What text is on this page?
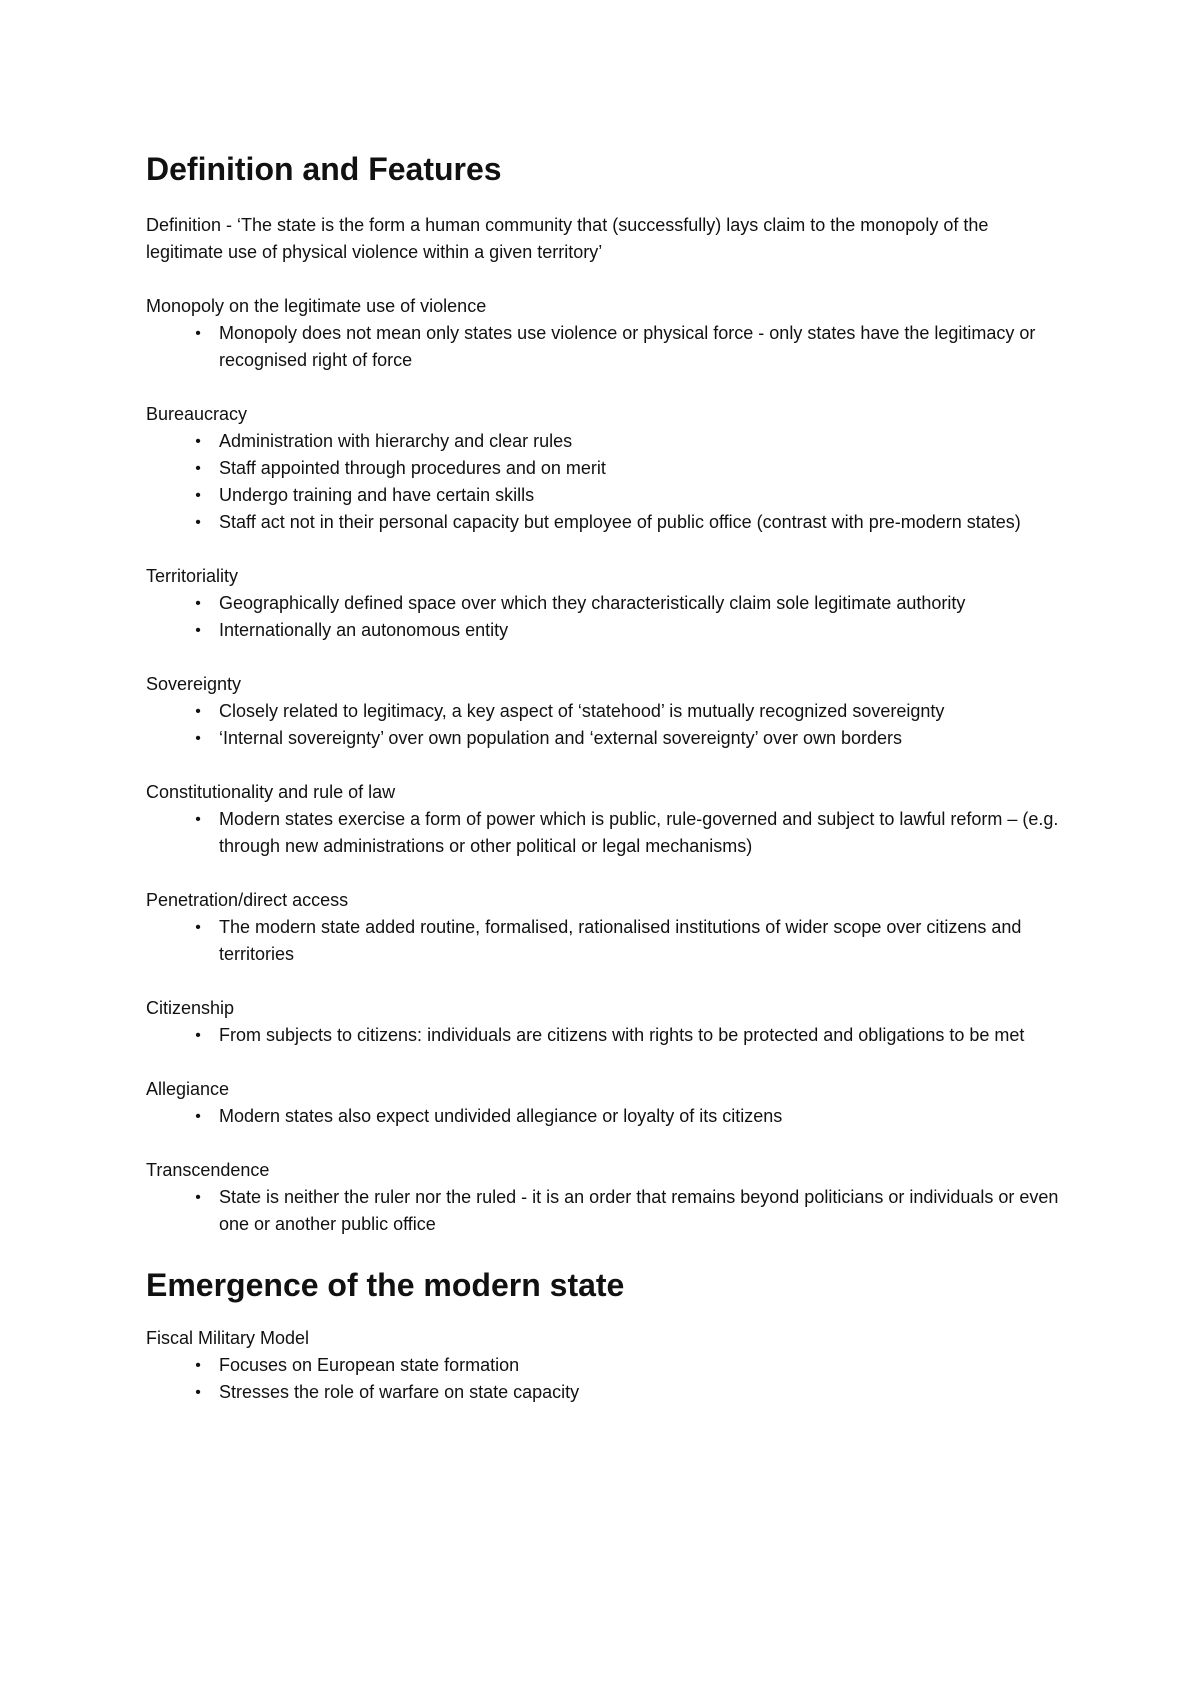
Definition and Features

Definition - ‘The state is the form a human community that (successfully) lays claim to the monopoly of the legitimate use of physical violence within a given territory’

Monopoly on the legitimate use of violence

•	Monopoly does not mean only states use violence or physical force - only states have the legitimacy or recognised right of force

Bureaucracy

•	Administration with hierarchy and clear rules
•	Staff appointed through procedures and on merit
•	Undergo training and have certain skills
•	Staff act not in their personal capacity but employee of public office (contrast with pre-modern states)

Territoriality

•	Geographically defined space over which they characteristically claim sole legitimate authority
•	Internationally an autonomous entity

Sovereignty

•	Closely related to legitimacy, a key aspect of ‘statehood’ is mutually recognized sovereignty
•	‘Internal sovereignty’ over own population and ‘external sovereignty’ over own borders

Constitutionality and rule of law

•	Modern states exercise a form of power which is public, rule-governed and subject to lawful reform – (e.g. through new administrations or other political or legal mechanisms)

Penetration/direct access

•	The modern state added routine, formalised, rationalised institutions of wider scope over citizens and territories

Citizenship

•	From subjects to citizens: individuals are citizens with rights to be protected and obligations to be met

Allegiance

•	Modern states also expect undivided allegiance or loyalty of its citizens

Transcendence

•	State is neither the ruler nor the ruled - it is an order that remains beyond politicians or individuals or even one or another public office
Emergence of the modern state

Fiscal Military Model

•	Focuses on European state formation
•	Stresses the role of warfare on state capacity
